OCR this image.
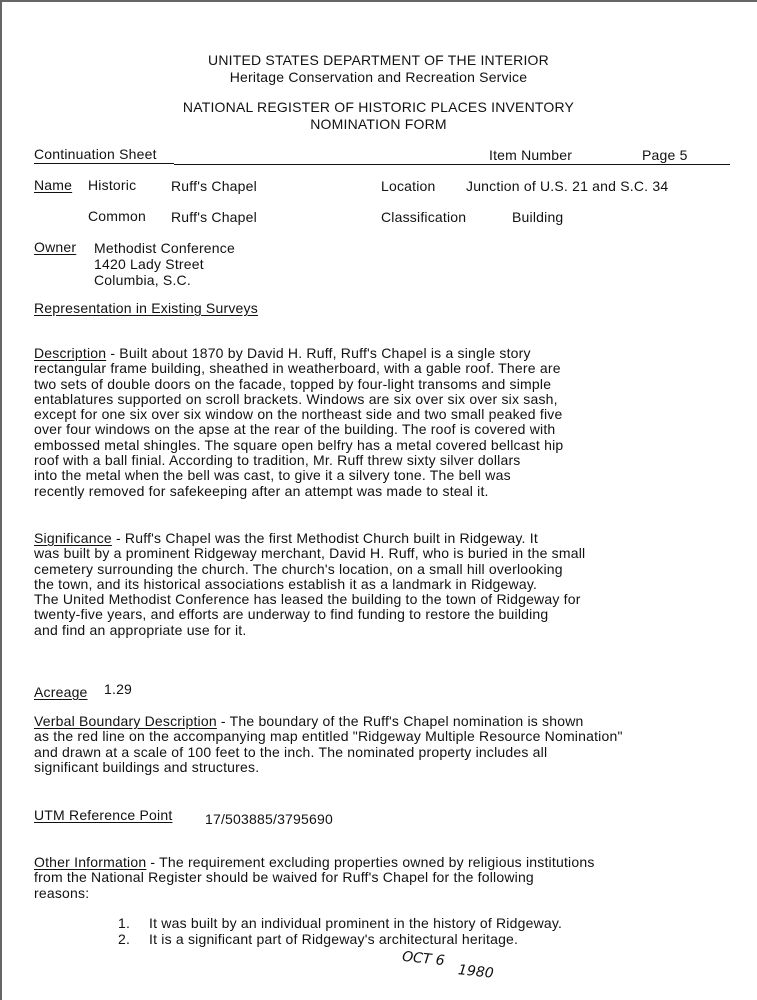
UNITED STATES DEPARTMENT OF THE INTERIOR
Heritage Conservation and Recreation Service
NATIONAL REGISTER OF HISTORIC PLACES INVENTORY
NOMINATION FORM
Continuation Sheet	Item Number	Page 5
Name Historic Ruff's Chapel	Location Junction of U.S. 21 and S.C. 34
Common Ruff's Chapel	Classification	Building
Owner Methodist Conference
1420 Lady Street
Columbia, S.C.
Representation in Existing Surveys
Description - Built about 1870 by David H. Ruff, Ruff's Chapel is a single story
rectangular frame building, sheathed in weatherboard, with a gable roof. There are
two sets of double doors on the facade, topped by four-light transoms and simple
entablatures supported on scroll brackets. Windows are six over six over six sash,
except for one six over six window on the northeast side and two small peaked five
over four windows on the apse at the rear of the building. The roof is covered with
embossed metal shingles. The square open belfry has a metal covered bellcast hip
roof with a ball finial. According to tradition, Mr. Ruff threw sixty silver dollars
into the metal when the bell was cast, to give it a silvery tone. The bell was
recently removed for safekeeping after an attempt was made to steal it.
Significance - Ruff's Chapel was the first Methodist Church built in Ridgeway. It
was built by a prominent Ridgeway merchant, David H. Ruff, who is buried in the small
cemetery surrounding the church. The church's location, on a small hill overlooking
the town, and its historical associations establish it as a landmark in Ridgeway.
The United Methodist Conference has leased the building to the town of Ridgeway for
twenty-five years, and efforts are underway to find funding to restore the building
and find an appropriate use for it.
Acreage 1.29
Verbal Boundary Description - The boundary of the Ruff's Chapel nomination is shown
as the red line on the accompanying map entitled "Ridgeway Multiple Resource Nomination"
and drawn at a scale of 100 feet to the inch. The nominated property includes all
significant buildings and structures.
UTM Reference Point 17/503885/3795690
Other Information - The requirement excluding properties owned by religious institutions
from the National Register should be waived for Ruff's Chapel for the following
reasons:
1. It was built by an individual prominent in the history of Ridgeway.
2. It is a significant part of Ridgeway's architectural heritage.
OCT 6
1980
